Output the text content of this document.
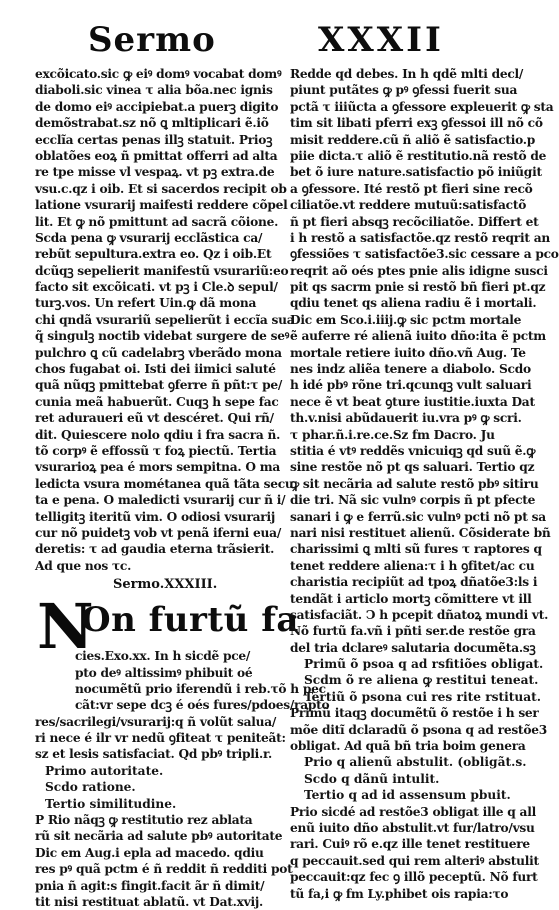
Sermo	XXXII
excõicato.sic ꝙ eiꝰ domꝰ vocabat domꝰ
diaboli.sic vinea τ alia bõa.nec ignis
de domo eiꝰ accipiebat.a puerꝫ digito
demõstrabat.sz nõ ꝗ mltiplicari ẽ.iõ
ecclĩa certas penas illꝫ statuit. Prioꝫ
oblatões eoꝝ ñ pmittat offerri ad alta
re tpe misse vl vespaꝝ. vt pꝫ extra.de
vsu.c.qz i oib. Et si sacerdos recipit ob
latione vsurarij maifesti reddere cõpel
lit. Et ꝙ nõ pmittunt ad sacrã cõione.
Scda pena ꝙ vsurarij ecclãstica ca/
rebũt sepultura.extra eo. Qz i oib.Et
dcũqꝫ sepelierit manifestũ vsurariũ:eo
facto sit excõicati. vt pꝫ i Cle.ꝺ sepul/
turꝫ.vos. Un refert Uin.ꝙ dã mona
chi qndã vsurariũ sepelierũt i eccĩa sua
q̃ singulꝫ noctib videbat surgere de seꝰ
pulchro ꝗ cũ cadelabrꝫ vberãdo mona
chos fugabat oi. Isti dei iimici saluté
quã nũqꝫ pmittebat ꝯferre ñ pñt:τ pe/
cunia meã habuerũt. Cuqꝫ h sepe fac
ret aduraueri eũ vt descéret. Qui rñ/
dit. Quiescere nolo qdiu i fra sacra ñ.
tõ corpꝰ ẽ effossũ τ foꝝ piectũ. Tertia
vsurarioꝝ pea é mors sempitna. O ma
ledicta vsura mométanea quã tãta secu
ta e pena. O maledicti vsurarij cur ñ i/
telligitꝫ iteritũ vim. O odiosi vsurarij
cur nõ puidetꝫ vob vt penã iferni eua/
deretis: τ ad gaudia eterna trãsierit.
Ad que nos τc.
Sermo.XXXIII.
N
On furtũ fa
cies.Exo.xx. In h sicdẽ pce/
pto deꝰ altissimꝰ phibuit oé
nocumẽtũ prio iferendũ i reb.τõ h pec
cãt:vr sepe dcꝫ é oés fures/pdoes/rapto
res/sacrilegi/vsurarij:q ñ volũt salua/
ri nece é ilr vr nedũ ꝯfiteat τ peniteãt:
sz et lesis satisfaciat. Qd pbꝰ tripli.r.
Primo autoritate.
Scdo ratione.
Tertio similitudine.
P Rio nãqꝫ ꝙ restitutio rez ablata
rũ sit necãria ad salute pbꝰ autoritate
Dic em Aug.i epla ad macedo. qdiu
res pꝰ quã pctm é ñ reddit ñ redditi pot
pnia ñ agit:s fingit.facit ãr ñ dimit/
tit nisi restituat ablatũ. vt Dat.xvij.
Redde qd debes. In h qdẽ mlti decl/
piunt putãtes ꝙ pꝰ ꝯfessi fuerit sua
pctã τ iiiũcta a ꝯfessore expleuerit ꝙ sta
tim sit libati pferri exꝫ ꝯfessoi ill nõ cõ
misit reddere.cũ ñ aliõ ẽ satisfactio.p
piie dicta.τ aliõ ẽ restitutio.nã restõ de
bet õ iure nature.satisfactio põ iniũgit
a ꝯfessore. Ité restõ pt fieri sine recõ
ciliatõe.vt reddere mutuũ:satisfactõ
ñ pt fieri absqꝫ recõciliatõe. Differt et
i h restõ a satisfactõe.qz restõ reqrit an
ꝯfessiões τ satisfactõe3.sic cessare a pco
reqrit aõ oés ptes pnie alis idigne susci
pit qs sacrm pnie si restõ bñ fieri pt.qz
qdiu tenet qs aliena radiu ẽ i mortali.
Dic em Sco.i.iiij.ꝙ sic pctm mortale
ẽ auferre ré alienã iuito dño:ita ẽ pctm
mortale retiere iuito dño.vñ Aug. Te
nes indz aliẽa tenere a diabolo. Scdo
h idé pbꝰ rõne tri.qcunqꝫ vult saluari
nece ẽ vt beat ꝯture iustitie.iuxta Dat
th.v.nisi abũdauerit iu.vra pꝰ ꝙ scri.
τ phar.ñ.i.re.ce.Sz fm Dacro. Ju
stitia é vtꝰ reddẽs vnicuiqꝫ qd suũ ẽ.ꝙ
sine restõe nõ pt qs saluari. Tertio qz
ꝙ sit necãria ad salute restõ pbꝰ sitiru
die tri. Nã sic vulnꝰ corpis ñ pt pfecte
sanari i ꝙ e ferrũ.sic vulnꝰ pcti nõ pt sa
nari nisi restituet alienũ. Cõsiderate bñ
charissimi ꝗ mlti sũ fures τ raptores q
tenet reddere aliena:τ i h ꝯfitet/ac cu
charistia recipiũt ad tpoꝝ dñatõe3:ls i
tendãt i articlo mortꝫ cõmittere vt ill
satisfaciãt. Ↄ h pcepit dñatoꝝ mundi vt.
Nõ furtũ fa.vñ i pñti ser.de restõe gra
del tria dclareꝰ salutaria documẽta.sꝫ
Primũ õ psoa q ad rsfitiões obligat.
Scdm õ re aliena ꝙ restitui teneat.
Tertiũ õ psona cui res rite rstituat.
Primũ itaqꝫ documẽtũ õ restõe i h ser
mõe ditĩ dclaradũ õ psona q ad restõe3
obligat. Ad quã bñ tria boim genera
Prio q alienũ abstulit. (obligãt.s.
Scdo q dãnũ intulit.
Tertio q ad id assensum pbuit.
Prio sicdé ad restõe3 obligat ille q all
enũ iuito dño abstulit.vt fur/latro/vsu
rari. Cuiꝰ rõ e.qz ille tenet restituere
q peccauit.sed qui rem alteriꝰ abstulit
peccauit:qz fec ꝯ illõ peceptũ. Nõ furt
tũ fa,i ꝙ fm Ly.phibet ois rapia:τo
